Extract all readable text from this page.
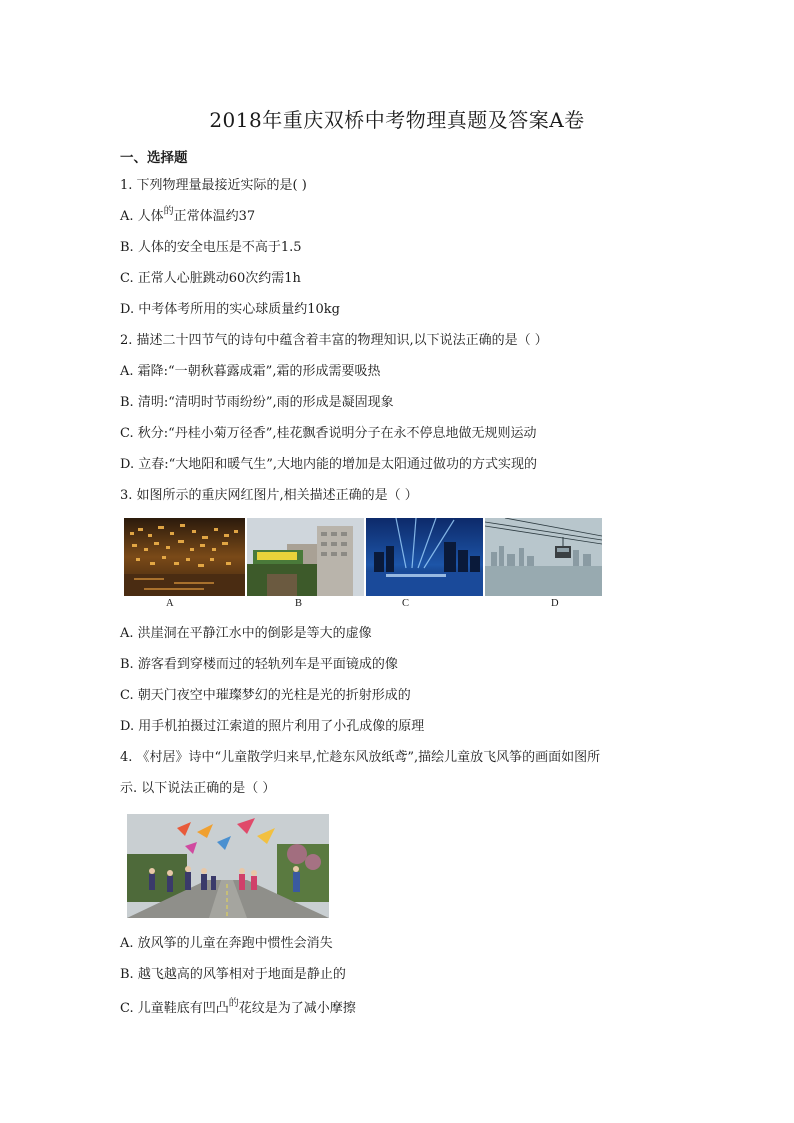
2018年重庆双桥中考物理真题及答案A卷
一、选择题
1. 下列物理量最接近实际的是( )
A. 人体$^的$正常体温约37
B. 人体的安全电压是不高于1.5
C. 正常人心脏跳动60次约需1h
D. 中考体考所用的实心球质量约10kg
2. 描述二十四节气的诗句中蕴含着丰富的物理知识,以下说法正确的是（ ）
A. 霜降:“一朝秋暮露成霜”,霜的形成需要吸热
B. 清明:“清明时节雨纷纷”,雨的形成是凝固现象
C. 秋分:“丹桂小菊万径香”,桂花飘香说明分子在永不停息地做无规则运动
D. 立春:“大地阳和暖气生”,大地内能的增加是太阳通过做功的方式实现的
3. 如图所示的重庆网红图片,相关描述正确的是（ ）
A	B	C	D
A. 洪崖洞在平静江水中的倒影是等大的虚像
B. 游客看到穿楼而过的轻轨列车是平面镜成的像
C. 朝天门夜空中璀璨梦幻的光柱是光的折射形成的
D. 用手机拍摄过江索道的照片利用了小孔成像的原理
4. 《村居》诗中“儿童散学归来早,忙趁东风放纸鸢”,描绘儿童放飞风筝的画面如图所
示. 以下说法正确的是（ ）
A. 放风筝的儿童在奔跑中惯性会消失
B. 越飞越高的风筝相对于地面是静止的
C. 儿童鞋底有凹凸$^的$花纹是为了减小摩擦
